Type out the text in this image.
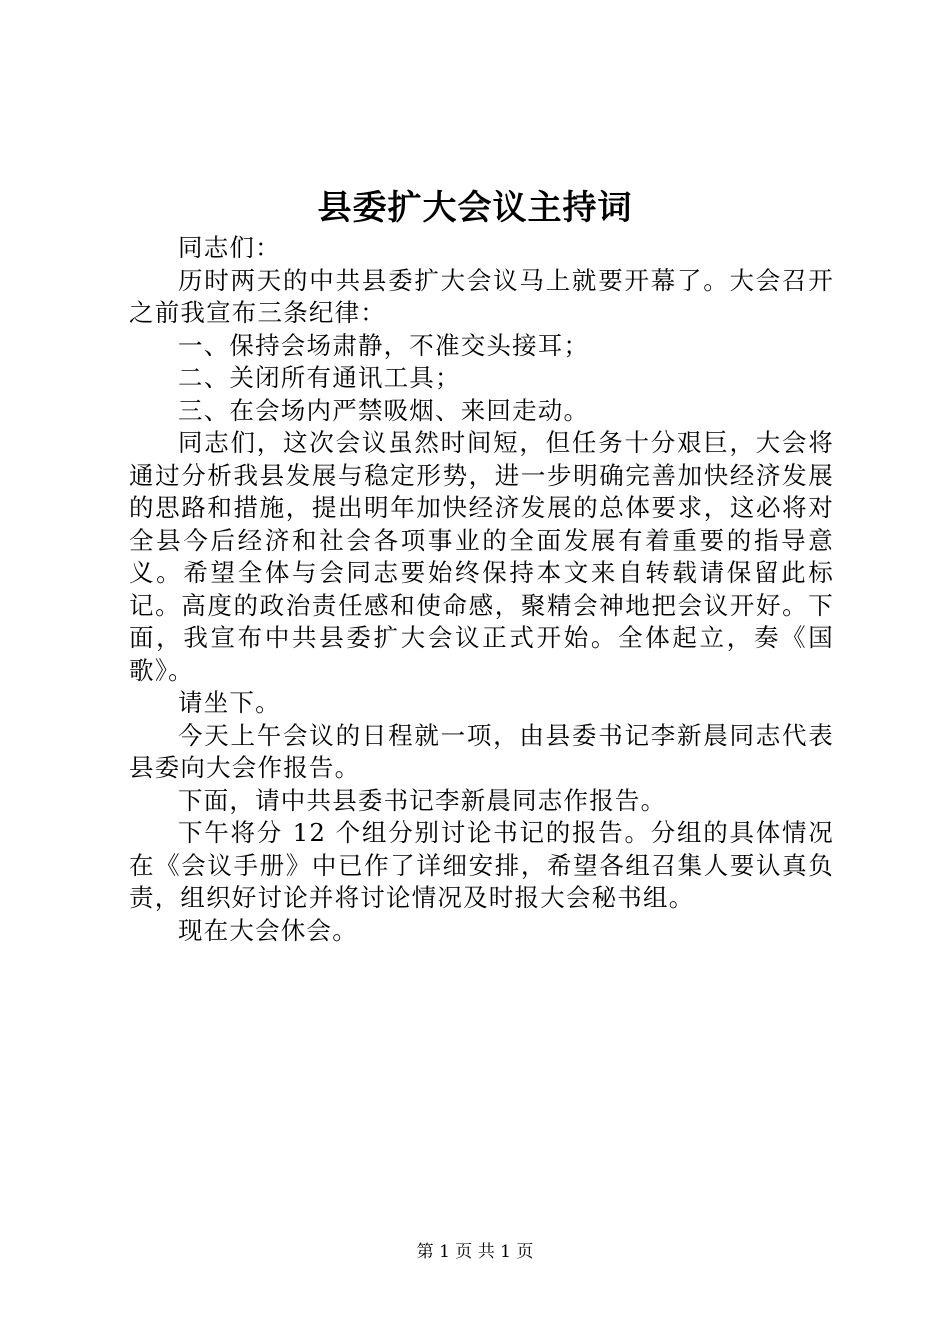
县委扩大会议主持词

同志们：

历时两天的中共县委扩大会议马上就要开幕了。大会召开之前我宣布三条纪律：

一、保持会场肃静，不准交头接耳；

二、关闭所有通讯工具；

三、在会场内严禁吸烟、来回走动。

同志们，这次会议虽然时间短，但任务十分艰巨，大会将通过分析我县发展与稳定形势，进一步明确完善加快经济发展的思路和措施，提出明年加快经济发展的总体要求，这必将对全县今后经济和社会各项事业的全面发展有着重要的指导意义。希望全体与会同志要始终保持本文来自转载请保留此标记。高度的政治责任感和使命感，聚精会神地把会议开好。下面，我宣布中共县委扩大会议正式开始。全体起立，奏《国歌》。

请坐下。

今天上午会议的日程就一项，由县委书记李新晨同志代表县委向大会作报告。

下面，请中共县委书记李新晨同志作报告。

下午将分 12 个组分别讨论书记的报告。分组的具体情况在《会议手册》中已作了详细安排，希望各组召集人要认真负责，组织好讨论并将讨论情况及时报大会秘书组。

现在大会休会。

第 1 页 共 1 页
